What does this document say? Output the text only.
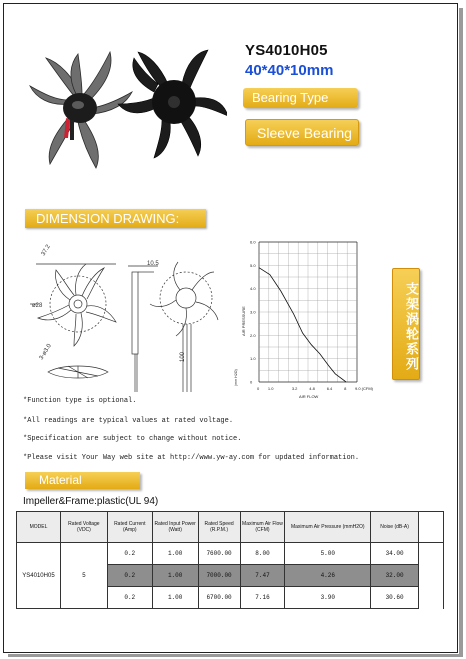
YS4010H05
40*40*10mm
Bearing Type
Sleeve Bearing
DIMENSION DRAWING:
支架涡轮系列
37.2
ø28
10.5
100
3-ø3.0
0 1.0	3.2	4.8	6.4	8 9.0 (CFM)
0
1.0
2.0
3.0
4.0
5.0
6.0
AIR FLOW
AIR PRESSURE
(mm H2O)
*Function type is optional.
*All readings are typical values at rated voltage.
*Specification are subject to change without notice.
*Please visit Your Way web site at http://www.yw-ay.com for updated information.
Material
Impeller&Frame:plastic(UL 94)
MODEL	Rated Voltage (VDC)	Rated Current (Amp)	Rated Input Power (Watt)	Rated Speed (R.P.M.)	Maximum Air Flow (CFM)	Maximum Air Pressure (mmH2O)	Noise (dB-A)	
YS4010H05	5	0.2	1.00	7600.00	8.00	5.00	34.00	
		0.2	1.00	7000.00	7.47	4.26	32.00	
		0.2	1.00	6700.00	7.16	3.90	30.60	
